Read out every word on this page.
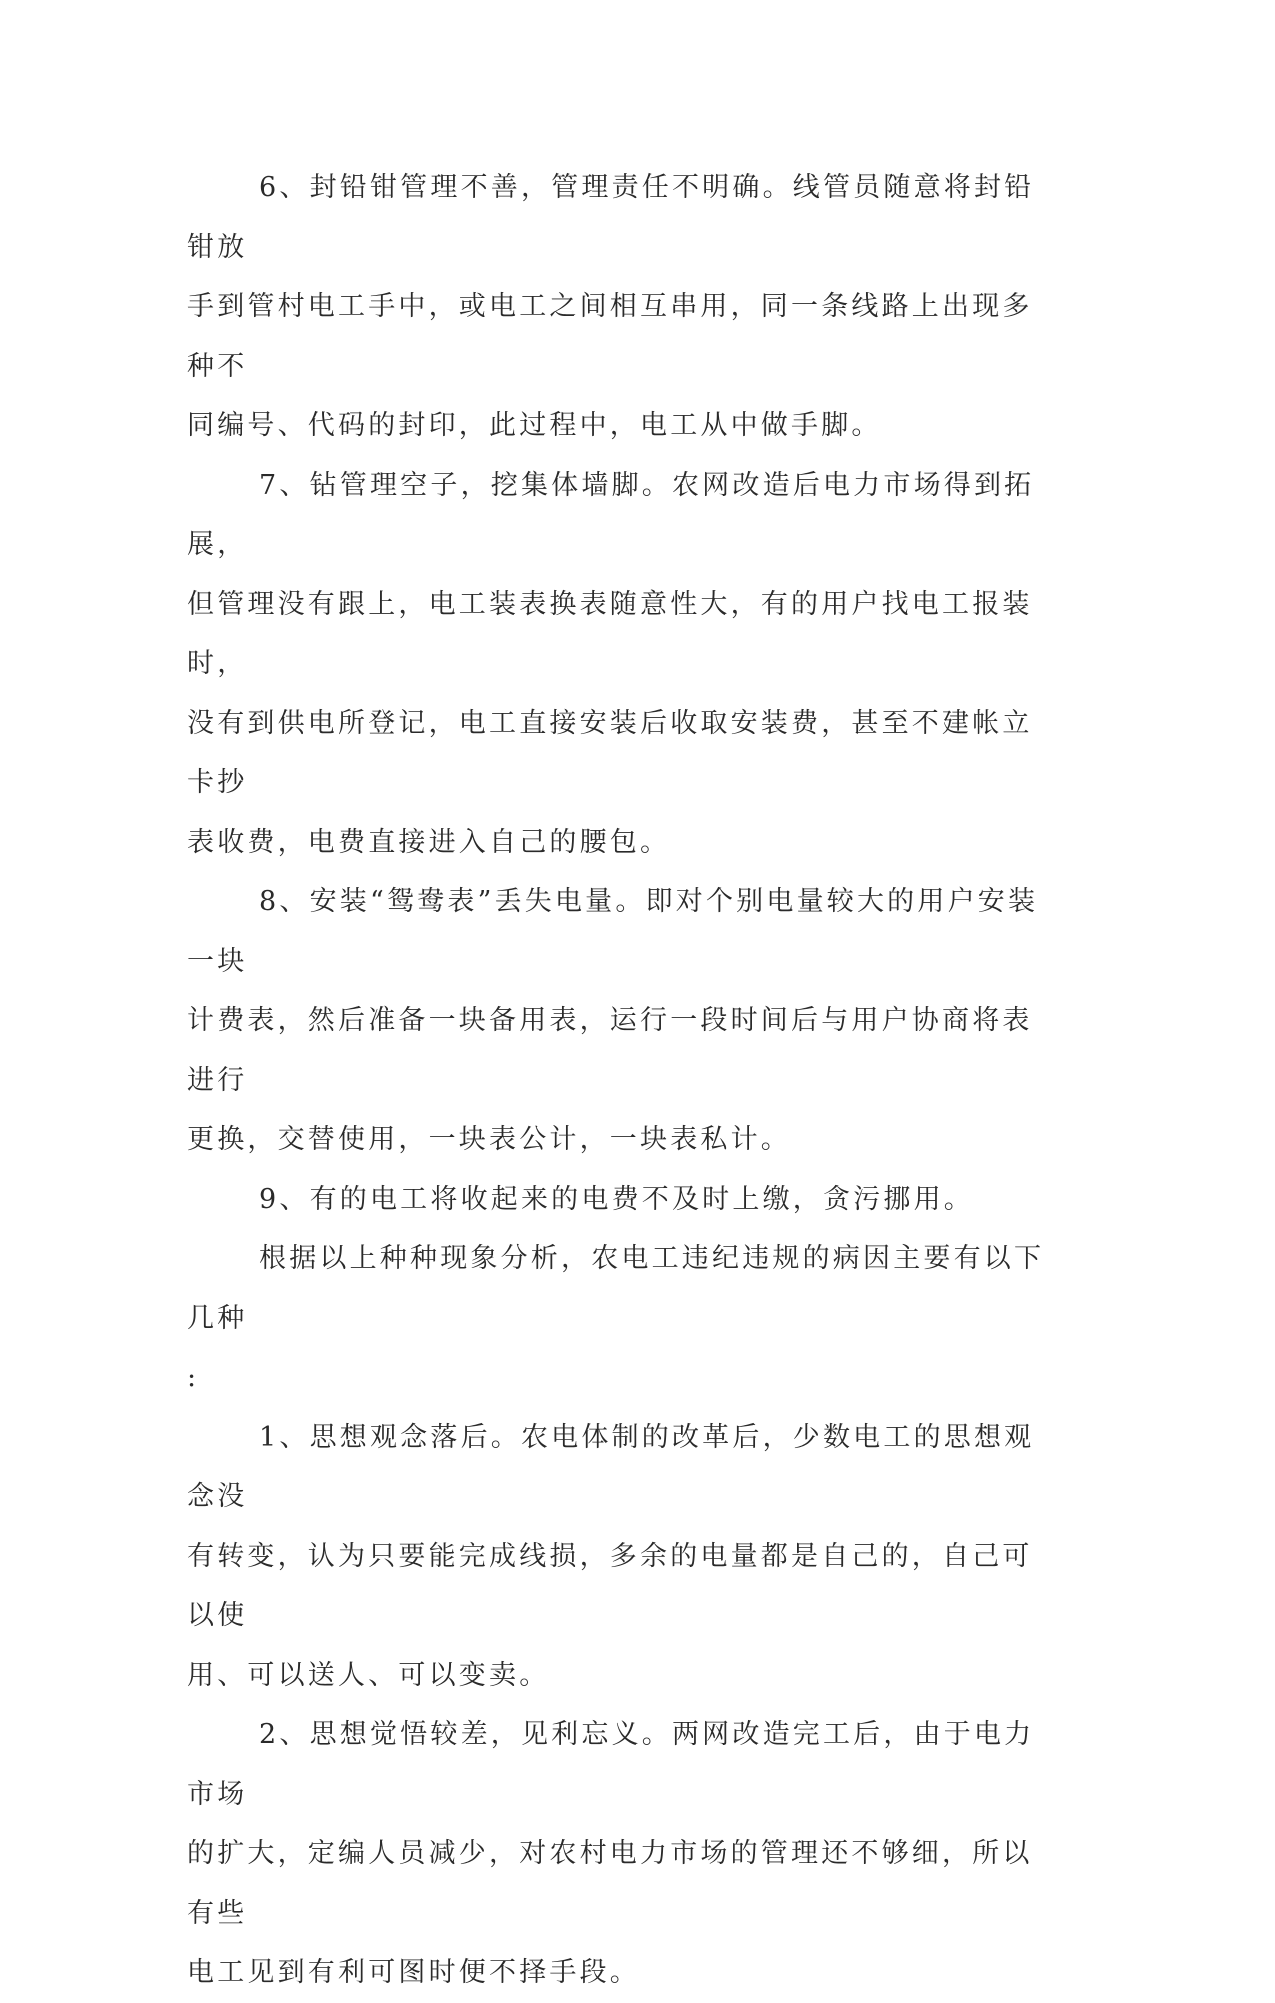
6、封铅钳管理不善，管理责任不明确。线管员随意将封铅钳放
手到管村电工手中，或电工之间相互串用，同一条线路上出现多种不
同编号、代码的封印，此过程中，电工从中做手脚。

7、钻管理空子，挖集体墙脚。农网改造后电力市场得到拓展，
但管理没有跟上，电工装表换表随意性大，有的用户找电工报装时，
没有到供电所登记，电工直接安装后收取安装费，甚至不建帐立卡抄
表收费，电费直接进入自己的腰包。

8、安装“鸳鸯表”丢失电量。即对个别电量较大的用户安装一块
计费表，然后准备一块备用表，运行一段时间后与用户协商将表进行
更换，交替使用，一块表公计，一块表私计。

9、有的电工将收起来的电费不及时上缴，贪污挪用。

根据以上种种现象分析，农电工违纪违规的病因主要有以下几种
:

1、思想观念落后。农电体制的改革后，少数电工的思想观念没
有转变，认为只要能完成线损，多余的电量都是自己的，自己可以使
用、可以送人、可以变卖。

2、思想觉悟较差，见利忘义。两网改造完工后，由于电力市场
的扩大，定编人员减少，对农村电力市场的管理还不够细，所以有些
电工见到有利可图时便不择手段。
